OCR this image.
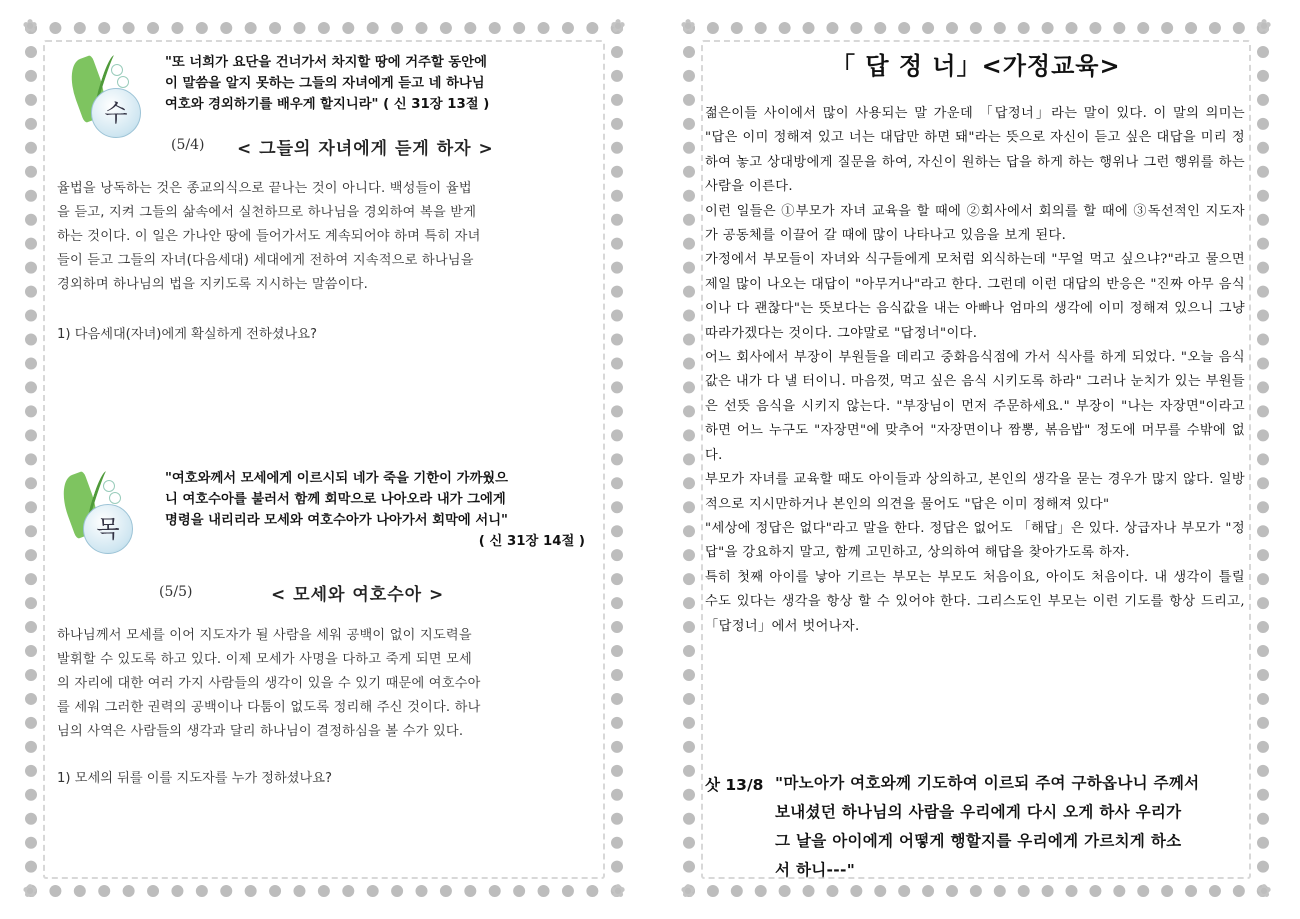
✿	✿
✿	✿
수
"또 너희가 요단을 건너가서 차지할 땅에 거주할 동안에
이 말씀을 알지 못하는 그들의 자녀에게 듣고 네 하나님
여호와 경외하기를 배우게 할지니라" ( 신 31장 13절 )
(5/4) < 그들의 자녀에게 듣게 하자 >
율법을 낭독하는 것은 종교의식으로 끝나는 것이 아니다. 백성들이 율법
을 듣고, 지켜 그들의 삶속에서 실천하므로 하나님을 경외하여 복을 받게
하는 것이다. 이 일은 가나안 땅에 들어가서도 계속되어야 하며 특히 자녀
들이 듣고 그들의 자녀(다음세대) 세대에게 전하여 지속적으로 하나님을
경외하며 하나님의 법을 지키도록 지시하는 말씀이다.
1) 다음세대(자녀)에게 확실하게 전하셨나요?
목
"여호와께서 모세에게 이르시되 네가 죽을 기한이 가까웠으
니 여호수아를 불러서 함께 회막으로 나아오라 내가 그에게
명령을 내리리라 모세와 여호수아가 나아가서 회막에 서니"
( 신 31장 14절 )
(5/5)	< 모세와 여호수아 >
하나님께서 모세를 이어 지도자가 될 사람을 세워 공백이 없이 지도력을
발휘할 수 있도록 하고 있다. 이제 모세가 사명을 다하고 죽게 되면 모세
의 자리에 대한 여러 가지 사람들의 생각이 있을 수 있기 때문에 여호수아
를 세워 그러한 권력의 공백이나 다툼이 없도록 정리해 주신 것이다. 하나
님의 사역은 사람들의 생각과 달리 하나님이 결정하심을 볼 수가 있다.
1) 모세의 뒤를 이를 지도자를 누가 정하셨나요?
✿	✿
✿	✿
「 답 정 너」<가정교육>

젊은이들 사이에서 많이 사용되는 말 가운데 「답정너」라는 말이 있다. 이 말의 의미는 "답은 이미 정해져 있고 너는 대답만 하면 돼"라는 뜻으로 자신이 듣고 싶은 대답을 미리 정하여 놓고 상대방에게 질문을 하여, 자신이 원하는 답을 하게 하는 행위나 그런 행위를 하는 사람을 이른다.

이런 일들은 ①부모가 자녀 교육을 할 때에 ②회사에서 회의를 할 때에 ③독선적인 지도자가 공동체를 이끌어 갈 때에 많이 나타나고 있음을 보게 된다.

가정에서 부모들이 자녀와 식구들에게 모처럼 외식하는데 "무얼 먹고 싶으냐?"라고 물으면 제일 많이 나오는 대답이 "아무거나"라고 한다. 그런데 이런 대답의 반응은 "진짜 아무 음식이나 다 괜찮다"는 뜻보다는 음식값을 내는 아빠나 엄마의 생각에 이미 정해져 있으니 그냥 따라가겠다는 것이다. 그야말로 "답정너"이다.

어느 회사에서 부장이 부원들을 데리고 중화음식점에 가서 식사를 하게 되었다. "오늘 음식값은 내가 다 낼 터이니. 마음껏, 먹고 싶은 음식 시키도록 하라" 그러나 눈치가 있는 부원들은 선뜻 음식을 시키지 않는다. "부장님이 먼저 주문하세요." 부장이 "나는 자장면"이라고 하면 어느 누구도 "자장면"에 맞추어 "자장면이나 짬뽕, 볶음밥" 정도에 머무를 수밖에 없다.

부모가 자녀를 교육할 때도 아이들과 상의하고, 본인의 생각을 묻는 경우가 많지 않다. 일방적으로 지시만하거나 본인의 의견을 물어도 "답은 이미 정해져 있다"

"세상에 정답은 없다"라고 말을 한다. 정답은 없어도 「해답」은 있다. 상급자나 부모가 "정답"을 강요하지 말고, 함께 고민하고, 상의하여 해답을 찾아가도록 하자.

특히 첫째 아이를 낳아 기르는 부모는 부모도 처음이요, 아이도 처음이다. 내 생각이 틀릴 수도 있다는 생각을 항상 할 수 있어야 한다. 그리스도인 부모는 이런 기도를 항상 드리고, 「답정너」에서 벗어나자.

삿 13/8 "마노아가 여호와께 기도하여 이르되 주여 구하옵나니 주께서
보내셨던 하나님의 사람을 우리에게 다시 오게 하사 우리가
그 날을 아이에게 어떻게 행할지를 우리에게 가르치게 하소
서 하니---"
